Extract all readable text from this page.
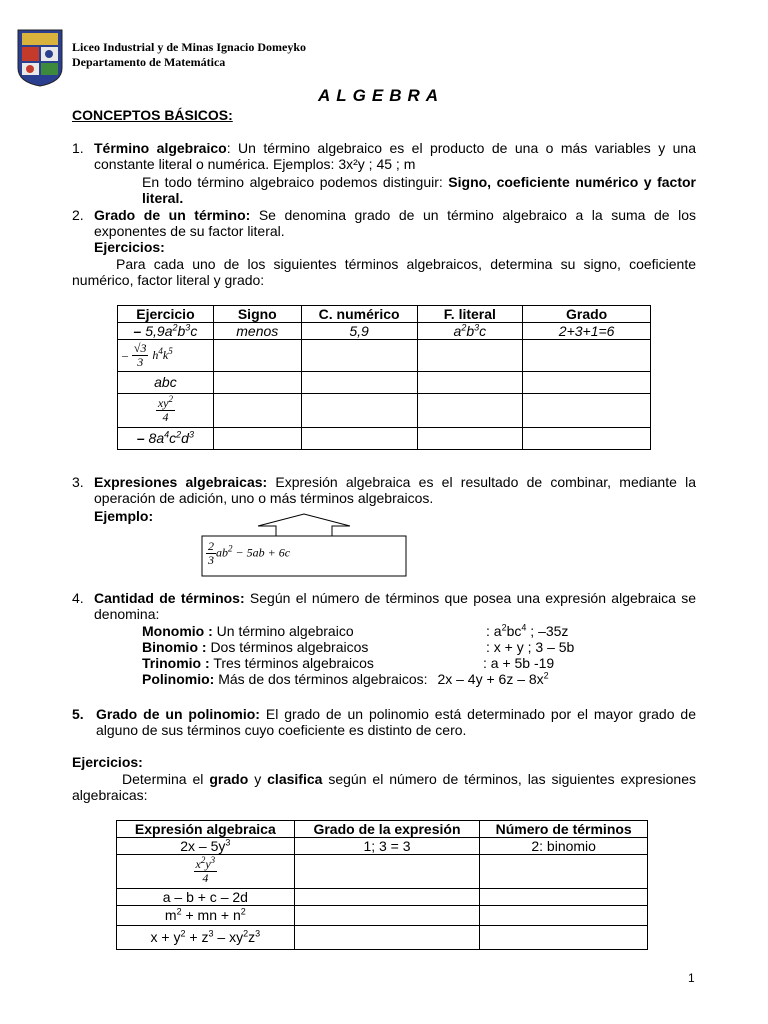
Liceo Industrial y de Minas Ignacio Domeyko
Departamento de Matemática
ALGEBRA
CONCEPTOS BÁSICOS:
1. Término algebraico: Un término algebraico es el producto de una o más variables y una constante literal o numérica. Ejemplos: 3x²y ; 45 ; m
En todo término algebraico podemos distinguir: Signo, coeficiente numérico y factor literal.
2. Grado de un término: Se denomina grado de un término algebraico a la suma de los exponentes de su factor literal.
Ejercicios:
Para cada uno de los siguientes términos algebraicos, determina su signo, coeficiente numérico, factor literal y grado:
Ejercicio	Signo	C. numérico	F. literal	Grado
– $5,9a^2b^3c$	menos	5,9	$a^2b^3c$	2+3+1=6
– $\frac{√3}{3} h^4k^5$				
abc				

$\frac{xy^2}{4}$

– $8a^4c^2d^3$				
3. Expresiones algebraicas: Expresión algebraica es el resultado de combinar, mediante la operación de adición, uno o más términos algebraicos.
Ejemplo:
$\frac{2}{3} ab^2 - 5ab + 6c$
4. Cantidad de términos: Según el número de términos que posea una expresión algebraica se denomina:
Monomio : Un término algebraico	: $a^2bc^4$ ; –35z
Binomio : Dos términos algebraicos	: x + y ; 3 – 5b
Trinomio : Tres términos algebraicos	: a + 5b -19
Polinomio: Más de dos términos algebraicos: $2x - 4y + 6z - 8x^2$
5. Grado de un polinomio: El grado de un polinomio está determinado por el mayor grado de alguno de sus términos cuyo coeficiente es distinto de cero.
Ejercicios:
Determina el grado y clasifica según el número de términos, las siguientes expresiones algebraicas:
Expresión algebraica	Grado de la expresión	Número de términos
$2x - 5y^3$	1; 3 = 3	2: binomio

$\frac{x^2y^3}{4}$

a – b + c – 2d		
$m^2$ + mn + $n^2$		
$x + y^2 + z^3 - xy^2z^3$		
1
